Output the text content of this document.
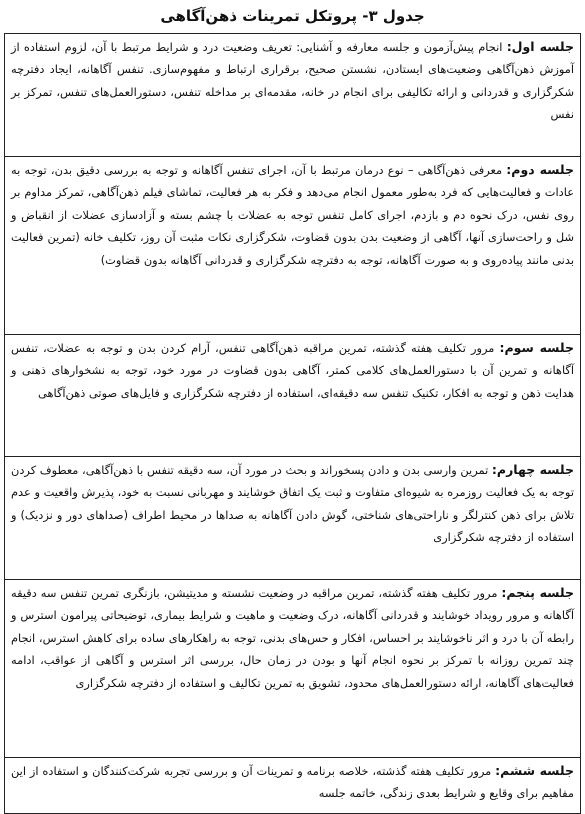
جدول ۳- پروتکل تمرینات ذهن‌آگاهی
جلسه اول: انجام پیش‌آزمون و جلسه معارفه و آشنایی: تعریف وضعیت درد و شرایط مرتبط با آن، لزوم استفاده از آموزش ذهن‌آگاهی وضعیت‌های ایستادن، نشستن صحیح، برقراری ارتباط و مفهوم‌سازی. تنفس آگاهانه، ایجاد دفترچه شکرگزاری و قدردانی و ارائه تکالیفی برای انجام در خانه، مقدمه‌ای بر مداخله تنفس، دستورالعمل‌های تنفس، تمرکز بر نفس
جلسه دوم: معرفی ذهن‌آگاهی – نوع درمان مرتبط با آن، اجرای تنفس آگاهانه و توجه به بررسی دقیق بدن، توجه به عادات و فعالیت‌هایی که فرد به‌طور معمول انجام می‌دهد و فکر به هر فعالیت، تماشای فیلم ذهن‌آگاهی، تمرکز مداوم بر روی نفس، درک نحوه دم و بازدم، اجرای کامل تنفس توجه به عضلات با چشم بسته و آزادسازی عضلات از انقباض و شل و راحت‌سازی آنها، آگاهی از وضعیت بدن بدون قضاوت، شکرگزاری نکات مثبت آن روز، تکلیف خانه (تمرین فعالیت بدنی مانند پیاده‌روی و به صورت آگاهانه، توجه به دفترچه شکرگزاری و قدردانی آگاهانه بدون قضاوت)
جلسه سوم: مرور تکلیف هفته گذشته، تمرین مراقبه ذهن‌آگاهی تنفس، آرام کردن بدن و توجه به عضلات، تنفس آگاهانه و تمرین آن با دستورالعمل‌های کلامی کمتر، آگاهی بدون قضاوت در مورد خود، توجه به نشخوارهای ذهنی و هدایت ذهن و توجه به افکار، تکنیک تنفس سه دقیقه‌ای، استفاده از دفترچه شکرگزاری و فایل‌های صوتی ذهن‌آگاهی
جلسه چهارم: تمرین وارسی بدن و دادن پسخوراند و بحث در مورد آن، سه دقیقه تنفس با ذهن‌آگاهی، معطوف کردن توجه به یک فعالیت روزمره به شیوه‌ای متفاوت و ثبت یک اتفاق خوشایند و مهربانی نسبت به خود، پذیرش واقعیت و عدم تلاش برای ذهن کنترلگر و ناراحتی‌های شناختی، گوش دادن آگاهانه به صداها در محیط اطراف (صداهای دور و نزدیک) و استفاده از دفترچه شکرگزاری
جلسه پنجم: مرور تکلیف هفته گذشته، تمرین مراقبه در وضعیت نشسته و مدیتیشن، بازنگری تمرین تنفس سه دقیقه آگاهانه و مرور رویداد خوشایند و قدردانی آگاهانه، درک وضعیت و ماهیت و شرایط بیماری، توضیحاتی پیرامون استرس و رابطه آن با درد و اثر ناخوشایند بر احساس، افکار و حس‌های بدنی، توجه به راهکارهای ساده برای کاهش استرس، انجام چند تمرین روزانه با تمرکز بر نحوه انجام آنها و بودن در زمان حال، بررسی اثر استرس و آگاهی از عواقب، ادامه فعالیت‌های آگاهانه، ارائه دستورالعمل‌های محدود، تشویق به تمرین تکالیف و استفاده از دفترچه شکرگزاری
جلسه ششم: مرور تکلیف هفته گذشته، خلاصه برنامه و تمرینات آن و بررسی تجربه شرکت‌کنندگان و استفاده از این مفاهیم برای وقایع و شرایط بعدی زندگی، خاتمه جلسه
